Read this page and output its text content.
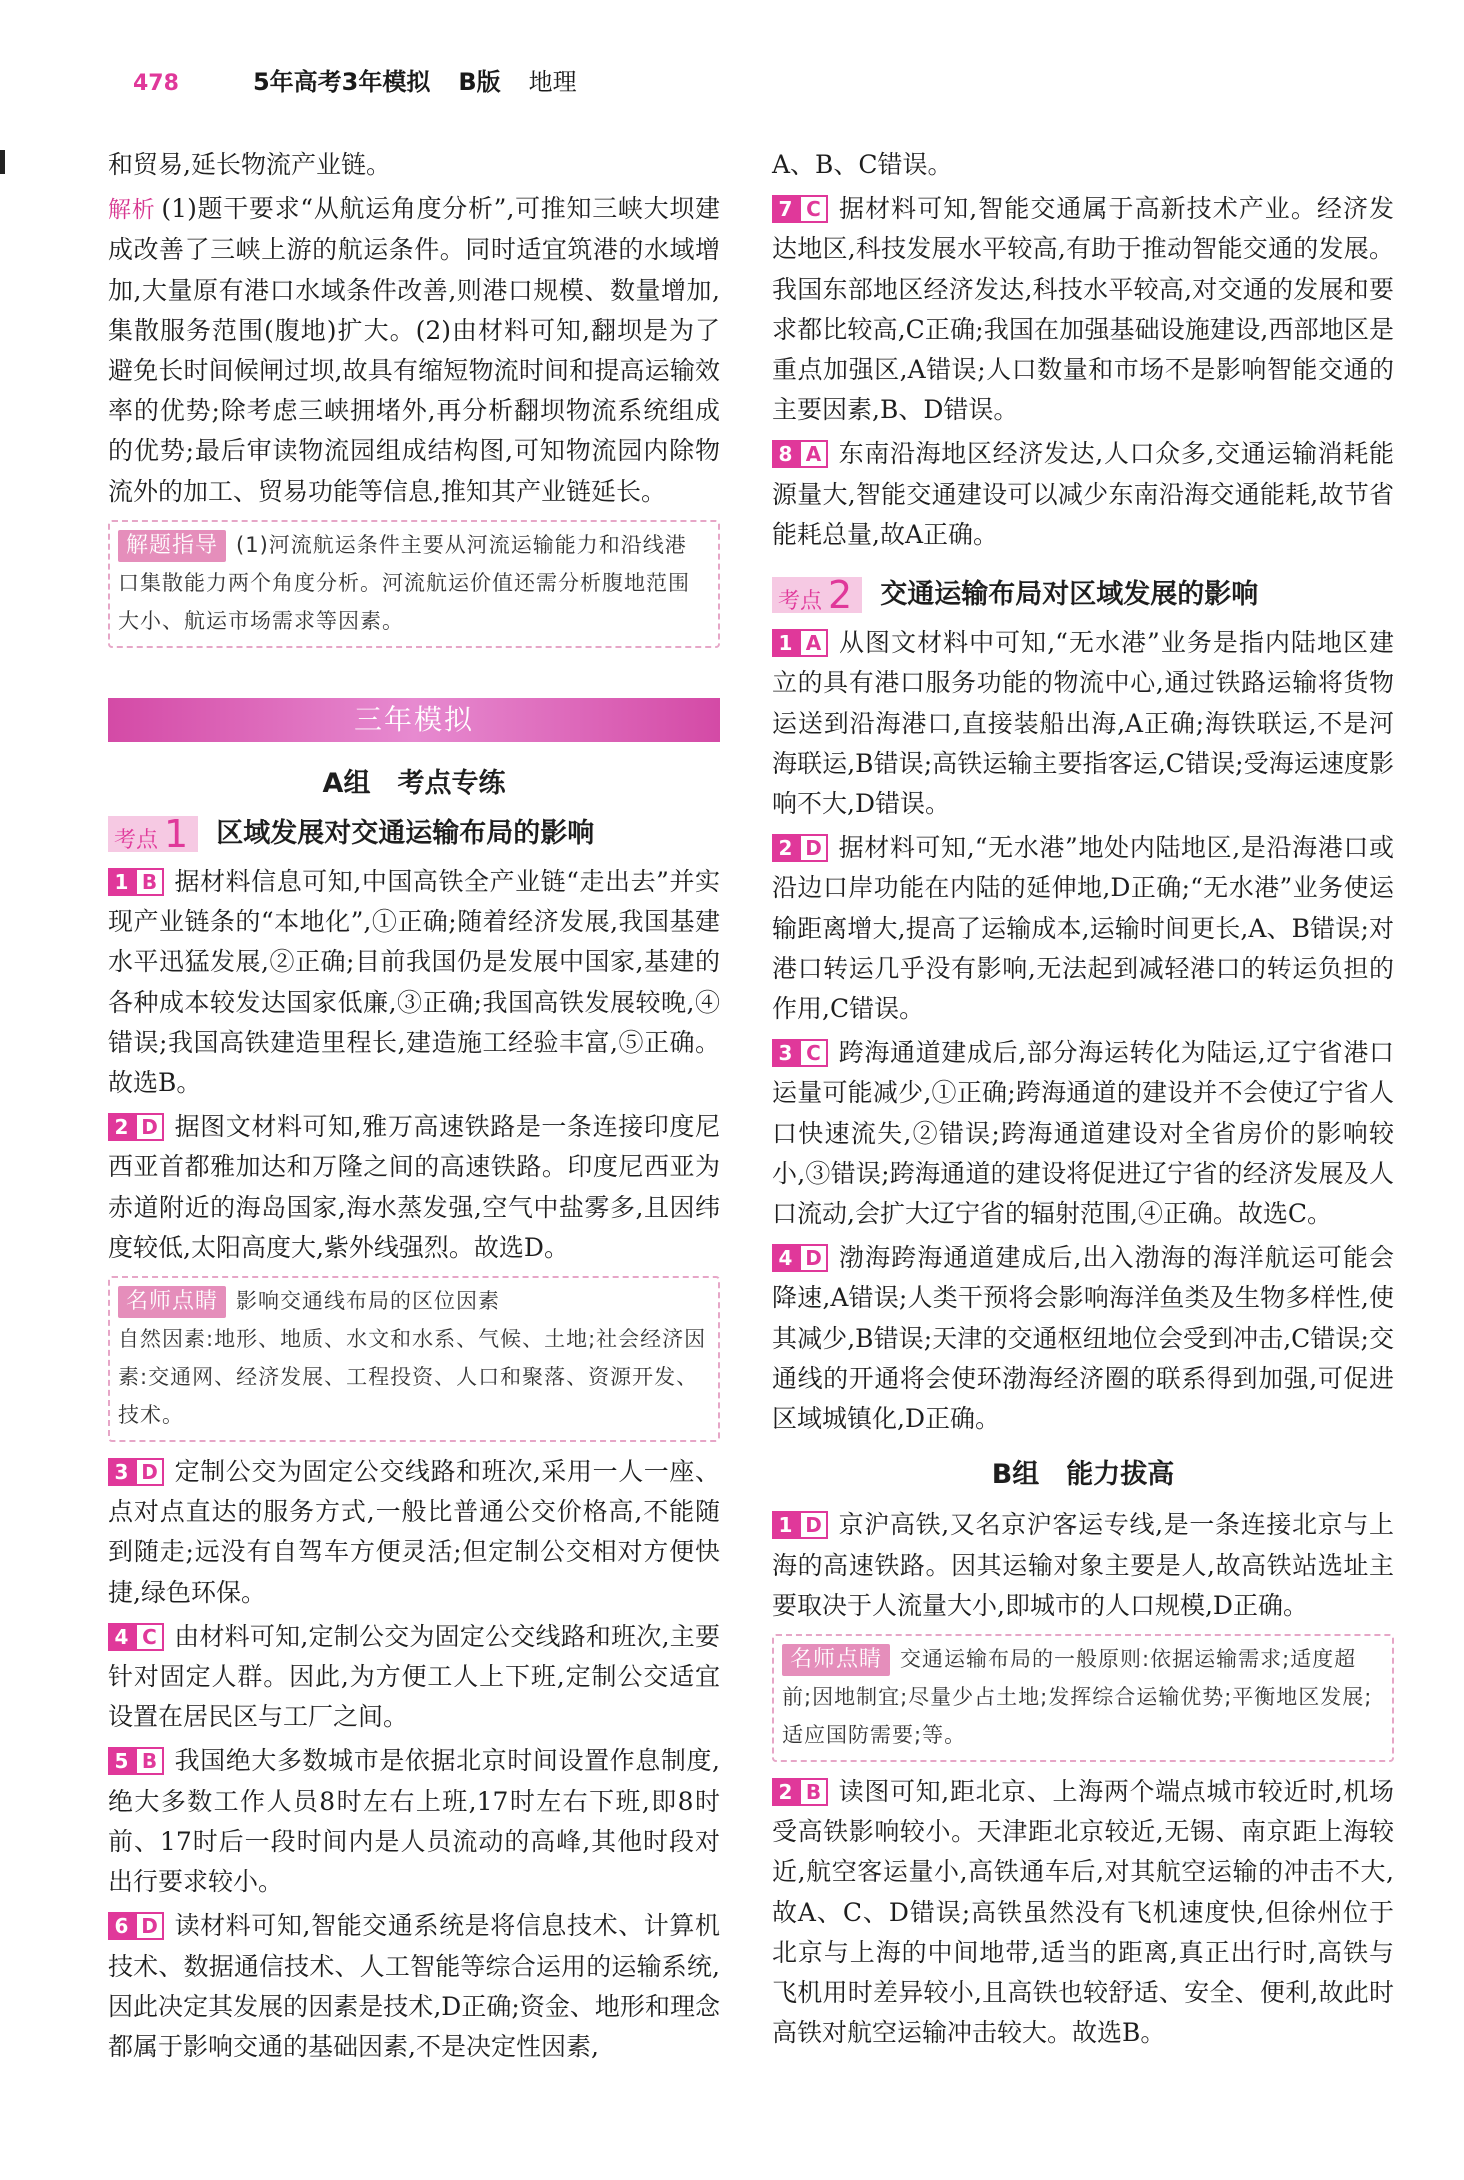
478	5年高考3年模拟 B版 地理

和贸易,延长物流产业链。

解析 (1)题干要求“从航运角度分析”,可推知三峡大坝建成改善了三峡上游的航运条件。同时适宜筑港的水域增加,大量原有港口水域条件改善,则港口规模、数量增加,集散服务范围(腹地)扩大。(2)由材料可知,翻坝是为了避免长时间候闸过坝,故具有缩短物流时间和提高运输效率的优势;除考虑三峡拥堵外,再分析翻坝物流系统组成的优势;最后审读物流园组成结构图,可知物流园内除物流外的加工、贸易功能等信息,推知其产业链延长。

解题指导 (1)河流航运条件主要从河流运输能力和沿线港口集散能力两个角度分析。河流航运价值还需分析腹地范围大小、航运市场需求等因素。
三年模拟
A组　考点专练
考点 1 区域发展对交通运输布局的影响

1 B 据材料信息可知,中国高铁全产业链“走出去”并实现产业链条的“本地化”,①正确;随着经济发展,我国基建水平迅猛发展,②正确;目前我国仍是发展中国家,基建的各种成本较发达国家低廉,③正确;我国高铁发展较晚,④错误;我国高铁建造里程长,建造施工经验丰富,⑤正确。故选B。

2 D 据图文材料可知,雅万高速铁路是一条连接印度尼西亚首都雅加达和万隆之间的高速铁路。印度尼西亚为赤道附近的海岛国家,海水蒸发强,空气中盐雾多,且因纬度较低,太阳高度大,紫外线强烈。故选D。

名师点睛 影响交通线布局的区位因素
自然因素:地形、地质、水文和水系、气候、土地;社会经济因素:交通网、经济发展、工程投资、人口和聚落、资源开发、技术。

3 D 定制公交为固定公交线路和班次,采用一人一座、点对点直达的服务方式,一般比普通公交价格高,不能随到随走;远没有自驾车方便灵活;但定制公交相对方便快捷,绿色环保。

4 C 由材料可知,定制公交为固定公交线路和班次,主要针对固定人群。因此,为方便工人上下班,定制公交适宜设置在居民区与工厂之间。

5 B 我国绝大多数城市是依据北京时间设置作息制度,绝大多数工作人员8时左右上班,17时左右下班,即8时前、17时后一段时间内是人员流动的高峰,其他时段对出行要求较小。

6 D 读材料可知,智能交通系统是将信息技术、计算机技术、数据通信技术、人工智能等综合运用的运输系统,因此决定其发展的因素是技术,D正确;资金、地形和理念都属于影响交通的基础因素,不是决定性因素,

A、B、C错误。

7 C 据材料可知,智能交通属于高新技术产业。经济发达地区,科技发展水平较高,有助于推动智能交通的发展。我国东部地区经济发达,科技水平较高,对交通的发展和要求都比较高,C正确;我国在加强基础设施建设,西部地区是重点加强区,A错误;人口数量和市场不是影响智能交通的主要因素,B、D错误。

8 A 东南沿海地区经济发达,人口众多,交通运输消耗能源量大,智能交通建设可以减少东南沿海交通能耗,故节省能耗总量,故A正确。

考点 2 交通运输布局对区域发展的影响

1 A 从图文材料中可知,“无水港”业务是指内陆地区建立的具有港口服务功能的物流中心,通过铁路运输将货物运送到沿海港口,直接装船出海,A正确;海铁联运,不是河海联运,B错误;高铁运输主要指客运,C错误;受海运速度影响不大,D错误。

2 D 据材料可知,“无水港”地处内陆地区,是沿海港口或沿边口岸功能在内陆的延伸地,D正确;“无水港”业务使运输距离增大,提高了运输成本,运输时间更长,A、B错误;对港口转运几乎没有影响,无法起到减轻港口的转运负担的作用,C错误。

3 C 跨海通道建成后,部分海运转化为陆运,辽宁省港口运量可能减少,①正确;跨海通道的建设并不会使辽宁省人口快速流失,②错误;跨海通道建设对全省房价的影响较小,③错误;跨海通道的建设将促进辽宁省的经济发展及人口流动,会扩大辽宁省的辐射范围,④正确。故选C。

4 D 渤海跨海通道建成后,出入渤海的海洋航运可能会降速,A错误;人类干预将会影响海洋鱼类及生物多样性,使其减少,B错误;天津的交通枢纽地位会受到冲击,C错误;交通线的开通将会使环渤海经济圈的联系得到加强,可促进区域城镇化,D正确。

B组　能力拔高

1 D 京沪高铁,又名京沪客运专线,是一条连接北京与上海的高速铁路。因其运输对象主要是人,故高铁站选址主要取决于人流量大小,即城市的人口规模,D正确。

名师点睛 交通运输布局的一般原则:依据运输需求;适度超前;因地制宜;尽量少占土地;发挥综合运输优势;平衡地区发展;适应国防需要;等。

2 B 读图可知,距北京、上海两个端点城市较近时,机场受高铁影响较小。天津距北京较近,无锡、南京距上海较近,航空客运量小,高铁通车后,对其航空运输的冲击不大,故A、C、D错误;高铁虽然没有飞机速度快,但徐州位于北京与上海的中间地带,适当的距离,真正出行时,高铁与飞机用时差异较小,且高铁也较舒适、安全、便利,故此时高铁对航空运输冲击较大。故选B。
